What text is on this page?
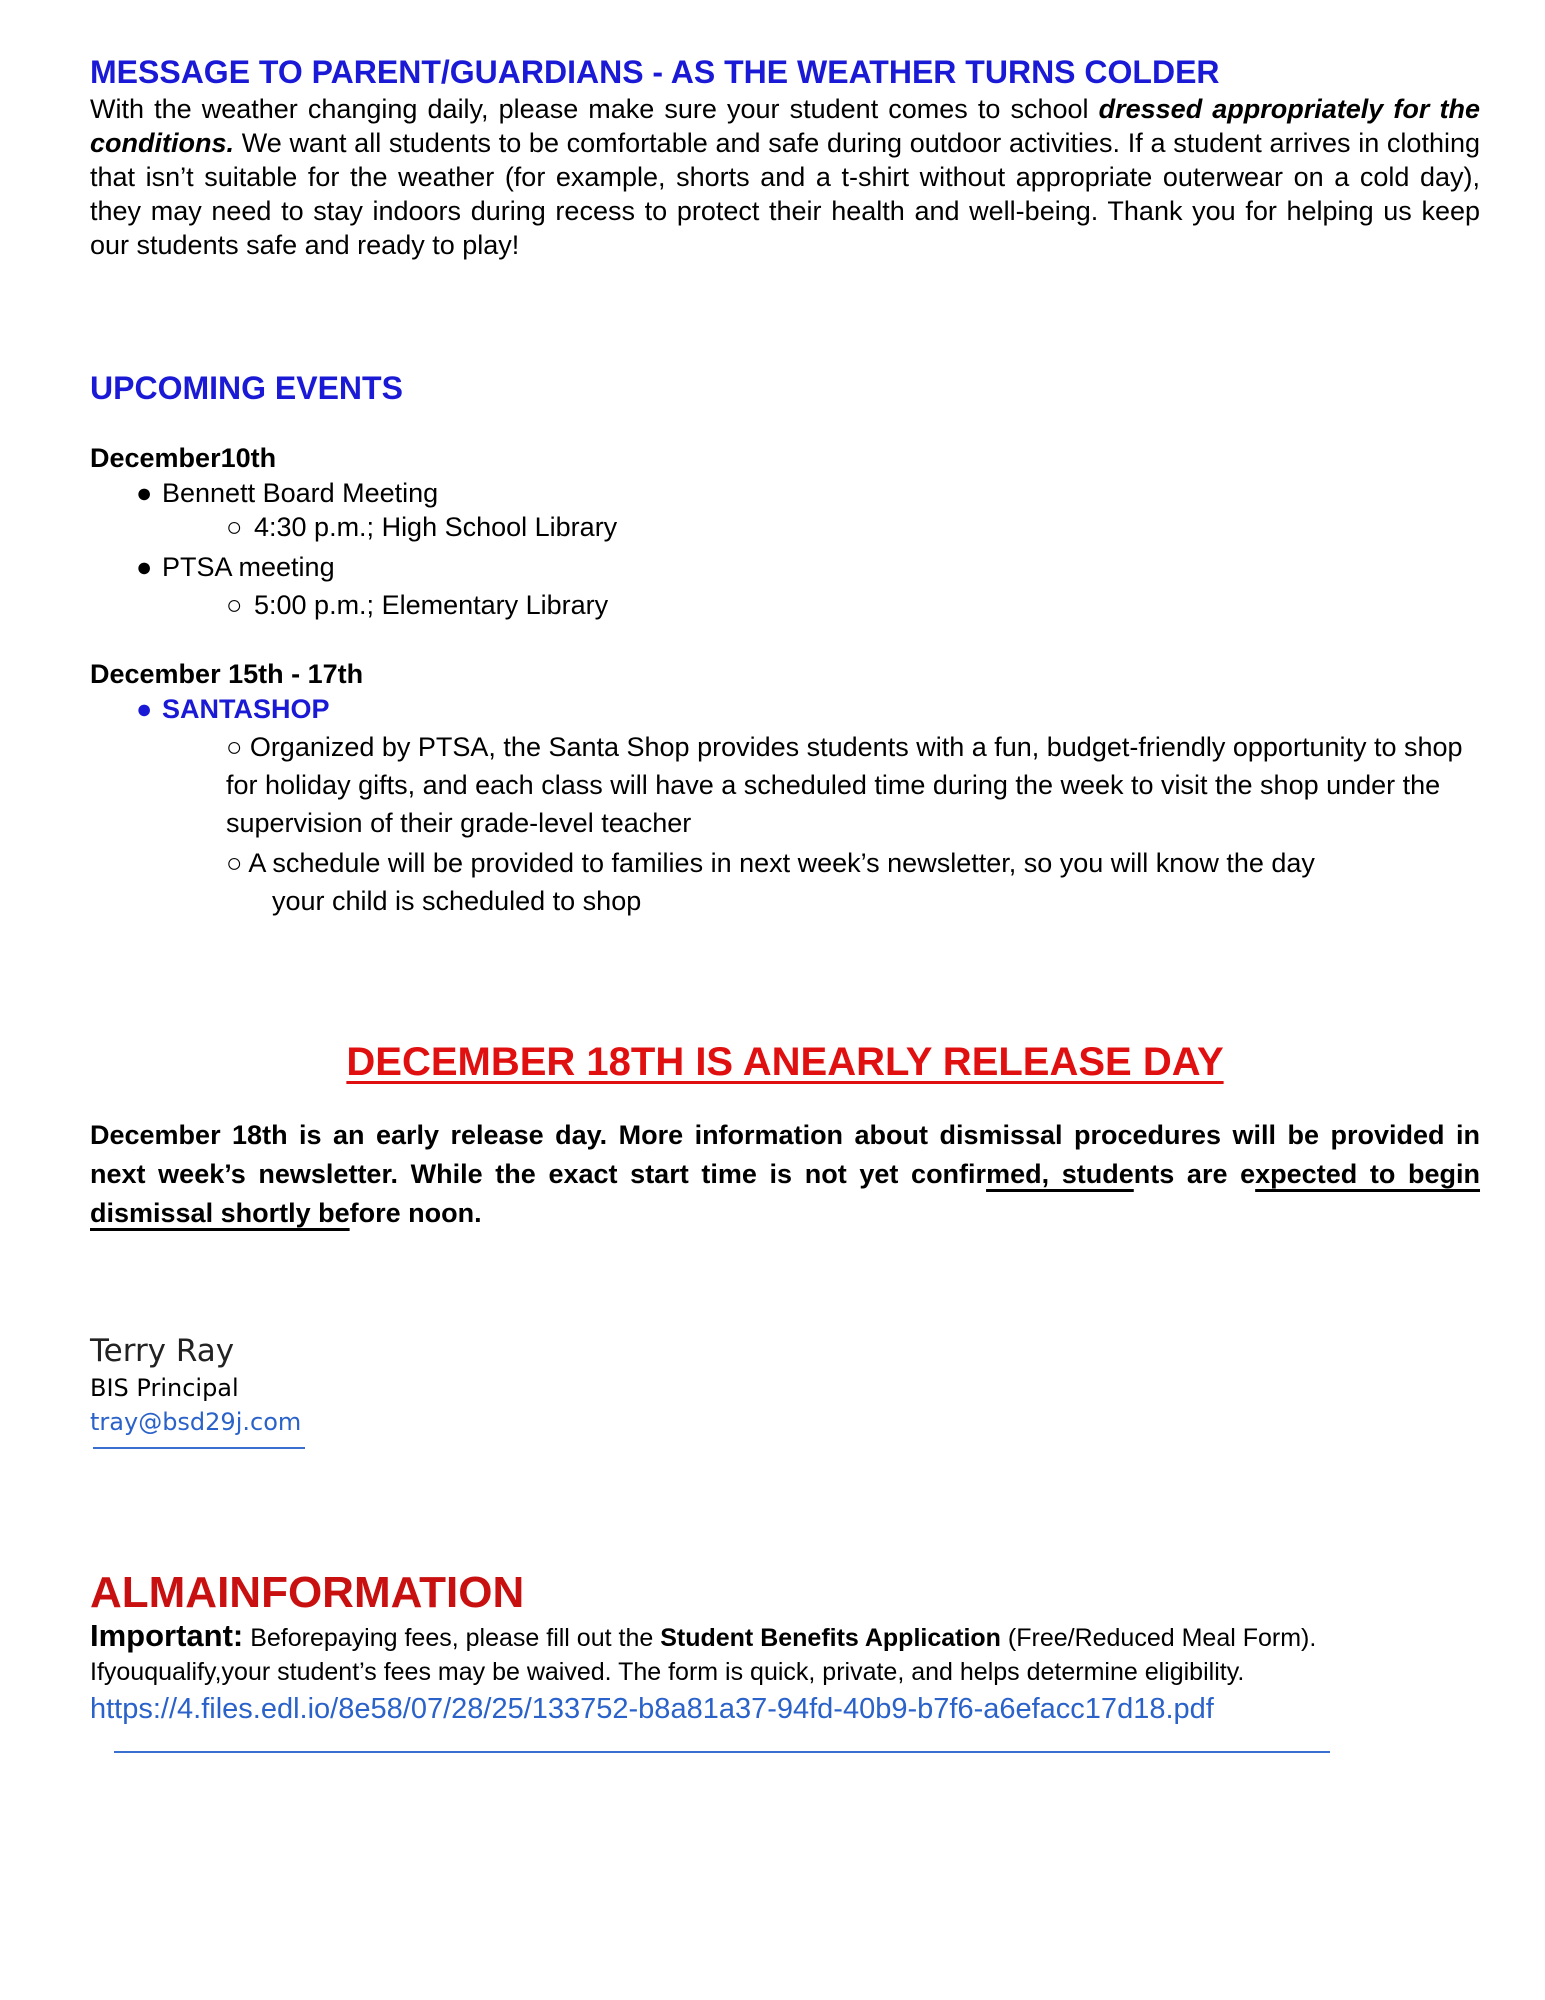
MESSAGE TO PARENT/GUARDIANS - AS THE WEATHER TURNS COLDER

With the weather changing daily, please make sure your student comes to school dressed appropriately for the conditions. We want all students to be comfortable and safe during outdoor activities. If a student arrives in clothing that isn’t suitable for the weather (for example, shorts and a t-shirt without appropriate outerwear on a cold day), they may need to stay indoors during recess to protect their health and well-being. Thank you for helping us keep our students safe and ready to play!

UPCOMING EVENTS

December10th

● Bennett Board Meeting

○ 4:30 p.m.; High School Library

● PTSA meeting

○ 5:00 p.m.; Elementary Library

December 15th - 17th

● SANTASHOP

○ Organized by PTSA, the Santa Shop provides students with a fun, budget-friendly opportunity to shop for holiday gifts, and each class will have a scheduled time during the week to visit the shop under the supervision of their grade-level teacher

○ A schedule will be provided to families in next week’s newsletter, so you will know the day
your child is scheduled to shop

DECEMBER 18TH IS ANEARLY RELEASE DAY

December 18th is an early release day. More information about dismissal procedures will be provided in next week’s newsletter. While the exact start time is not yet confirmed, students are expected to begin dismissal shortly before noon.

Terry Ray

BIS Principal

tray@bsd29j.com

ALMAINFORMATION

Important: Beforepaying fees, please fill out the Student Benefits Application (Free/Reduced Meal Form).

Ifyouqualify,your student’s fees may be waived. The form is quick, private, and helps determine eligibility.

https://4.files.edl.io/8e58/07/28/25/133752-b8a81a37-94fd-40b9-b7f6-a6efacc17d18.pdf
